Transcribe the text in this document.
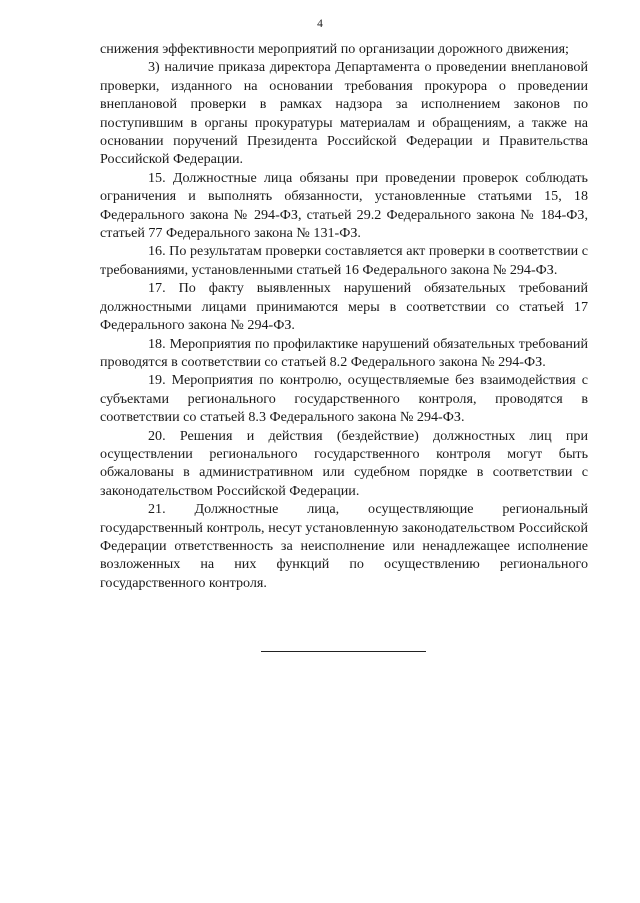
4

снижения эффективности мероприятий по организации дорожного движения;

3) наличие приказа директора Департамента о проведении внеплановой проверки, изданного на основании требования прокурора о проведении внеплановой проверки в рамках надзора за исполнением законов по поступившим в органы прокуратуры материалам и обращениям, а также на основании поручений Президента Российской Федерации и Правительства Российской Федерации.

15. Должностные лица обязаны при проведении проверок соблюдать ограничения и выполнять обязанности, установленные статьями 15, 18 Федерального закона № 294-ФЗ, статьей 29.2 Федерального закона № 184-ФЗ, статьей 77 Федерального закона № 131-ФЗ.

16. По результатам проверки составляется акт проверки в соответствии с требованиями, установленными статьей 16 Федерального закона № 294-ФЗ.

17. По факту выявленных нарушений обязательных требований должностными лицами принимаются меры в соответствии со статьей 17 Федерального закона № 294-ФЗ.

18. Мероприятия по профилактике нарушений обязательных требований проводятся в соответствии со статьей 8.2 Федерального закона № 294-ФЗ.

19. Мероприятия по контролю, осуществляемые без взаимодействия с субъектами регионального государственного контроля, проводятся в соответствии со статьей 8.3 Федерального закона № 294-ФЗ.

20. Решения и действия (бездействие) должностных лиц при осуществлении регионального государственного контроля могут быть обжалованы в административном или судебном порядке в соответствии с законодательством Российской Федерации.

21. Должностные лица, осуществляющие региональный государственный контроль, несут установленную законодательством Российской Федерации ответственность за неисполнение или ненадлежащее исполнение возложенных на них функций по осуществлению регионального государственного контроля.
